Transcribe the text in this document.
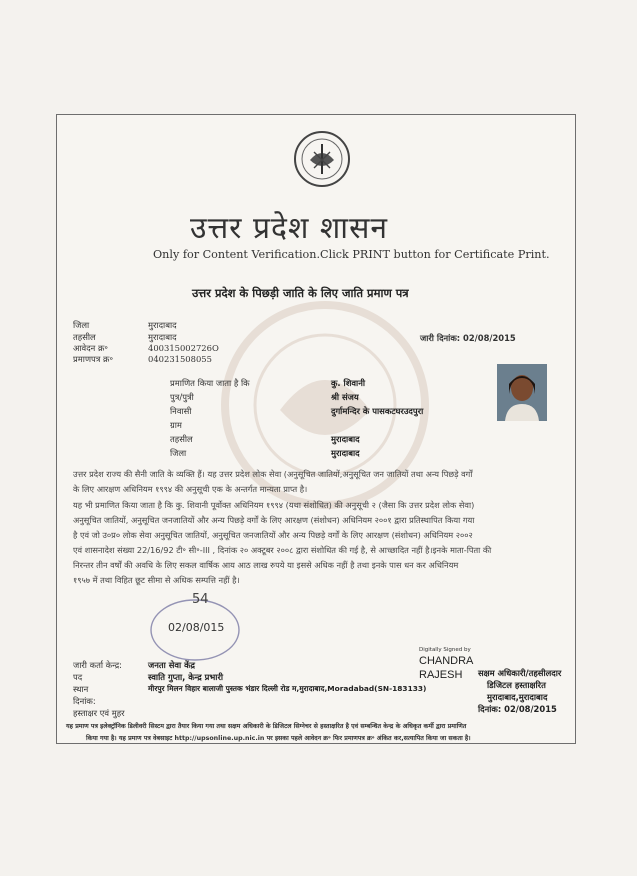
उत्तर प्रदेश शासन
Only for Content Verification.Click PRINT button for Certificate Print.
उत्तर प्रदेश के पिछड़ी जाति के लिए जाति प्रमाण पत्र
जिला	मुरादाबाद
तहसील	मुरादाबाद
आवेदन क्र॰	400315002726O
प्रमाणपत्र क्र॰	040231508055
जारी दिनांक: 02/08/2015
प्रमाणित किया जाता है कि	कु. शिवानी
पुत्र/पुत्री	श्री संजय
निवासी	दुर्गामन्दिर के पासकटघरउदपुरा
ग्राम
तहसील	मुरादाबाद
जिला	मुरादाबाद
उत्तर प्रदेश राज्य की सैनी जाति के व्यक्ति हैं। यह उत्तर प्रदेश लोक सेवा (अनुसूचित जातियों,अनुसूचित जन जातियों तथा अन्य पिछड़े वर्गों
के लिए आरक्षण अधिनियम १९९४ की अनुसूची एक के अन्तर्गत मान्यता प्राप्त है।
यह भी प्रमाणित किया जाता है कि कु. शिवानी पूर्वोक्त अधिनियम १९९४ (यथा संशोधित) की अनुसूची २ (जैसा कि उत्तर प्रदेश लोक सेवा)
अनुसूचित जातियों, अनुसूचित जनजातियों और अन्य पिछड़े वर्गों के लिए आरक्षण (संशोधन) अधिनियम २००१ द्वारा प्रतिस्थापित किया गया
है एवं जो उ०प्र० लोक सेवा अनुसूचित जातियों, अनुसूचित जनजातियों और अन्य पिछड़े वर्गों के लिए आरक्षण (संशोधन) अधिनियम २००२
एवं शासनादेश संख्या 22/16/92 टी॰ सी॰-III , दिनांक २० अक्टूबर २००८ द्वारा संशोधित की गई है, से आच्छादित नहीं है।इनके माता-पिता की
निरन्तर तीन वर्षों की अवधि के लिए सकल वार्षिक आय आठ लाख रुपये या इससे अधिक नहीं है तथा इनके पास धन कर अधिनियम
१९५७ में तथा विहित छूट सीमा से अधिक सम्पत्ति नहीं है।
54
02/08/015
जारी कर्ता केन्द्र:	जनता सेवा केंद्र
पद	स्वाति गुप्ता, केन्द्र प्रभारी
स्थान	मीरपुर मिलन विहार बालाजी पुस्तक भंडार दिल्ली रोड म,मुरादाबाद,Moradabad(SN-183133)
दिनांक:
हस्ताक्षर एवं मुहर
Digitally Signed by
CHANDRA
RAJESH सक्षम अधिकारी/तहसीलदार
डिजिटल हस्ताक्षरित
मुरादाबाद,मुरादाबाद
दिनांक: 02/08/2015
यह प्रमाण पत्र इलेक्ट्रॉनिक डिलीवरी सिस्टम द्वारा तैयार किया गया तथा सक्षम अधिकारी के डिजिटल सिग्नेचर से हस्ताक्षरित है एवं सम्बन्धित केन्द्र के अधिकृत कर्मी द्वारा प्रमाणित
किया गया है। यह प्रमाण पत्र वेबसाइट http://upsonline.up.nic.in पर इसका पहले आवेदन क्र॰ फिर प्रमाणपत्र क्र॰ अंकित कर,सत्यापित किया जा सकता है।
